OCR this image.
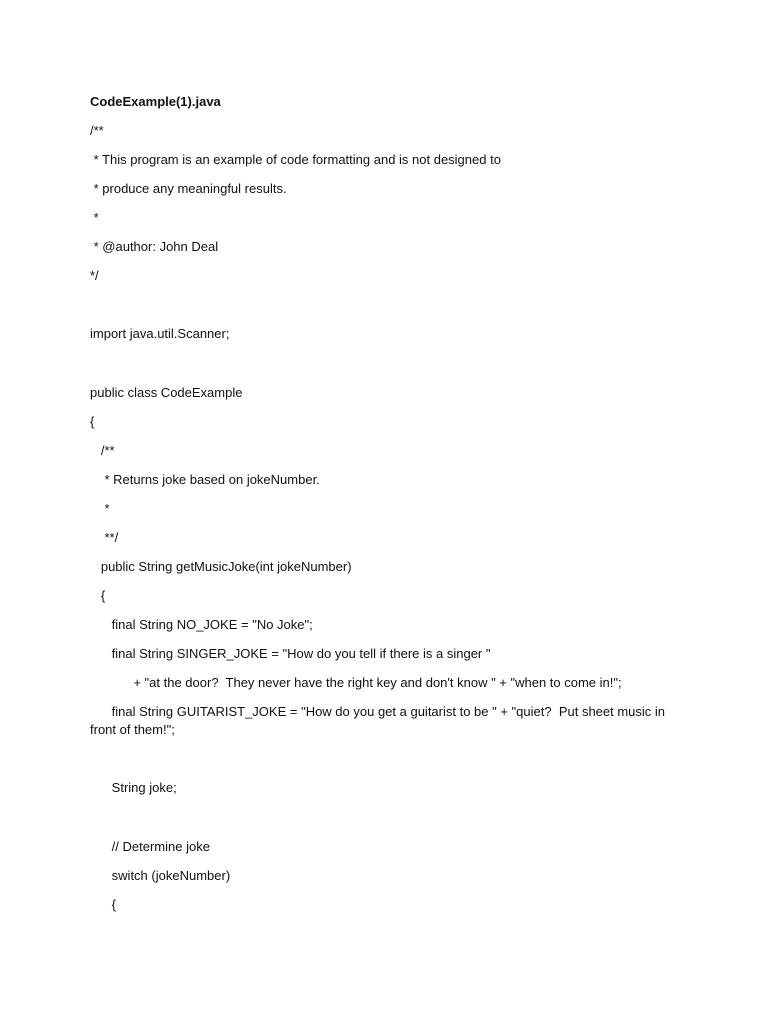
CodeExample(1).java
/**
* This program is an example of code formatting and is not designed to
* produce any meaningful results.
*
* @author: John Deal
*/
import java.util.Scanner;
public class CodeExample
{
/**
* Returns joke based on jokeNumber.
*
**/
public String getMusicJoke(int jokeNumber)
{
final String NO_JOKE = "No Joke";
final String SINGER_JOKE = "How do you tell if there is a singer "
+ "at the door?  They never have the right key and don't know " + "when to come in!";
final String GUITARIST_JOKE = "How do you get a guitarist to be " + "quiet?  Put sheet music in front of them!";
String joke;
// Determine joke
switch (jokeNumber)
{
